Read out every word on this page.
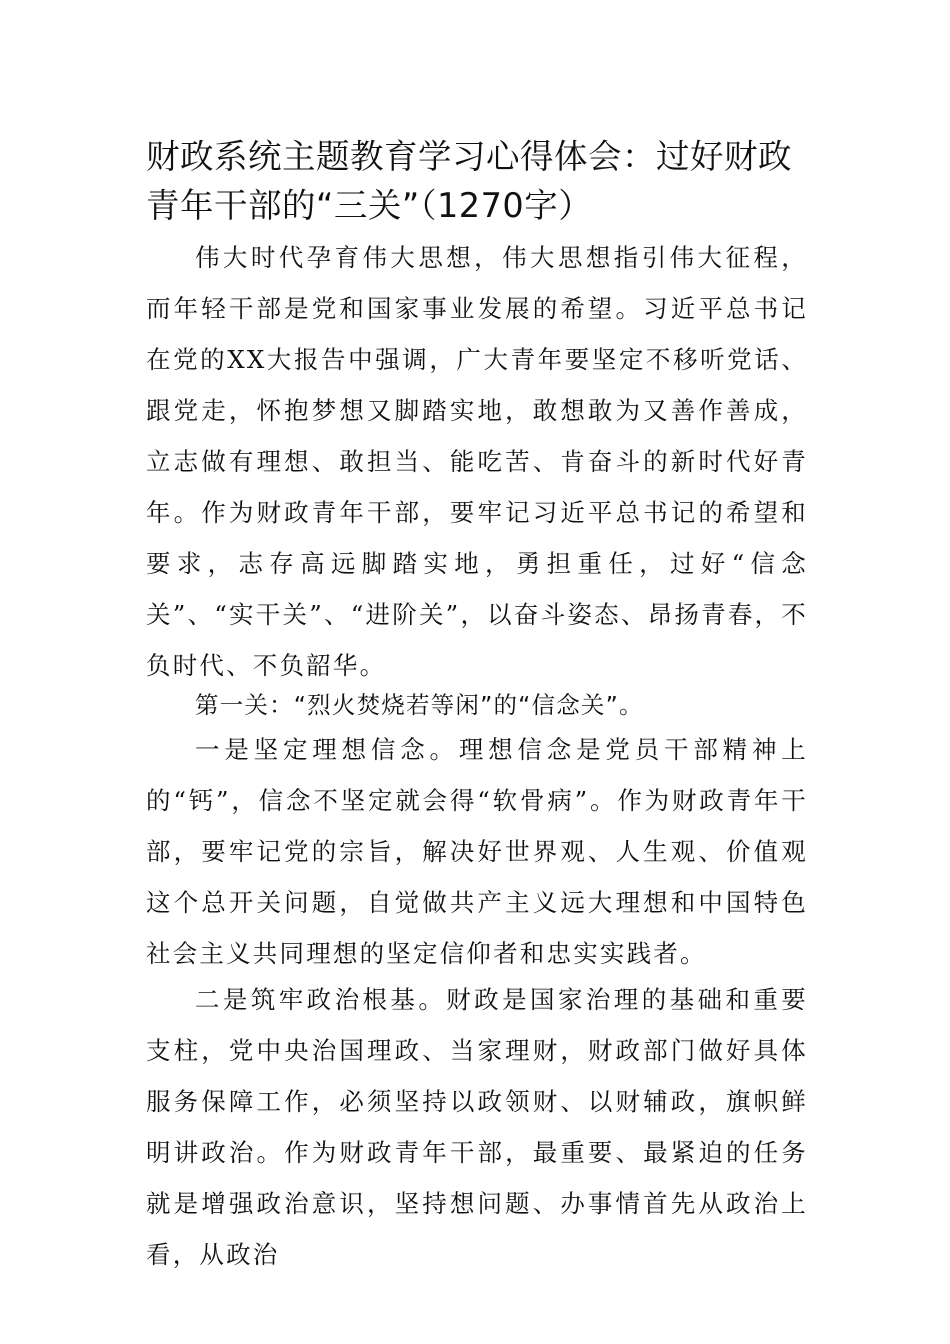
财政系统主题教育学习心得体会：过好财政青年干部的“三关”（1270字）

伟大时代孕育伟大思想，伟大思想指引伟大征程，而年轻干部是党和国家事业发展的希望。习近平总书记在党的XX大报告中强调，广大青年要坚定不移听党话、跟党走，怀抱梦想又脚踏实地，敢想敢为又善作善成，立志做有理想、敢担当、能吃苦、肯奋斗的新时代好青年。作为财政青年干部，要牢记习近平总书记的希望和要求，志存高远脚踏实地，勇担重任，过好“信念关”、“实干关”、“进阶关”，以奋斗姿态、昂扬青春，不负时代、不负韶华。

第一关：“烈火焚烧若等闲”的“信念关”。

一是坚定理想信念。理想信念是党员干部精神上的“钙”，信念不坚定就会得“软骨病”。作为财政青年干部，要牢记党的宗旨，解决好世界观、人生观、价值观这个总开关问题，自觉做共产主义远大理想和中国特色社会主义共同理想的坚定信仰者和忠实实践者。

二是筑牢政治根基。财政是国家治理的基础和重要支柱，党中央治国理政、当家理财，财政部门做好具体服务保障工作，必须坚持以政领财、以财辅政，旗帜鲜明讲政治。作为财政青年干部，最重要、最紧迫的任务就是增强政治意识，坚持想问题、办事情首先从政治上看，从政治
